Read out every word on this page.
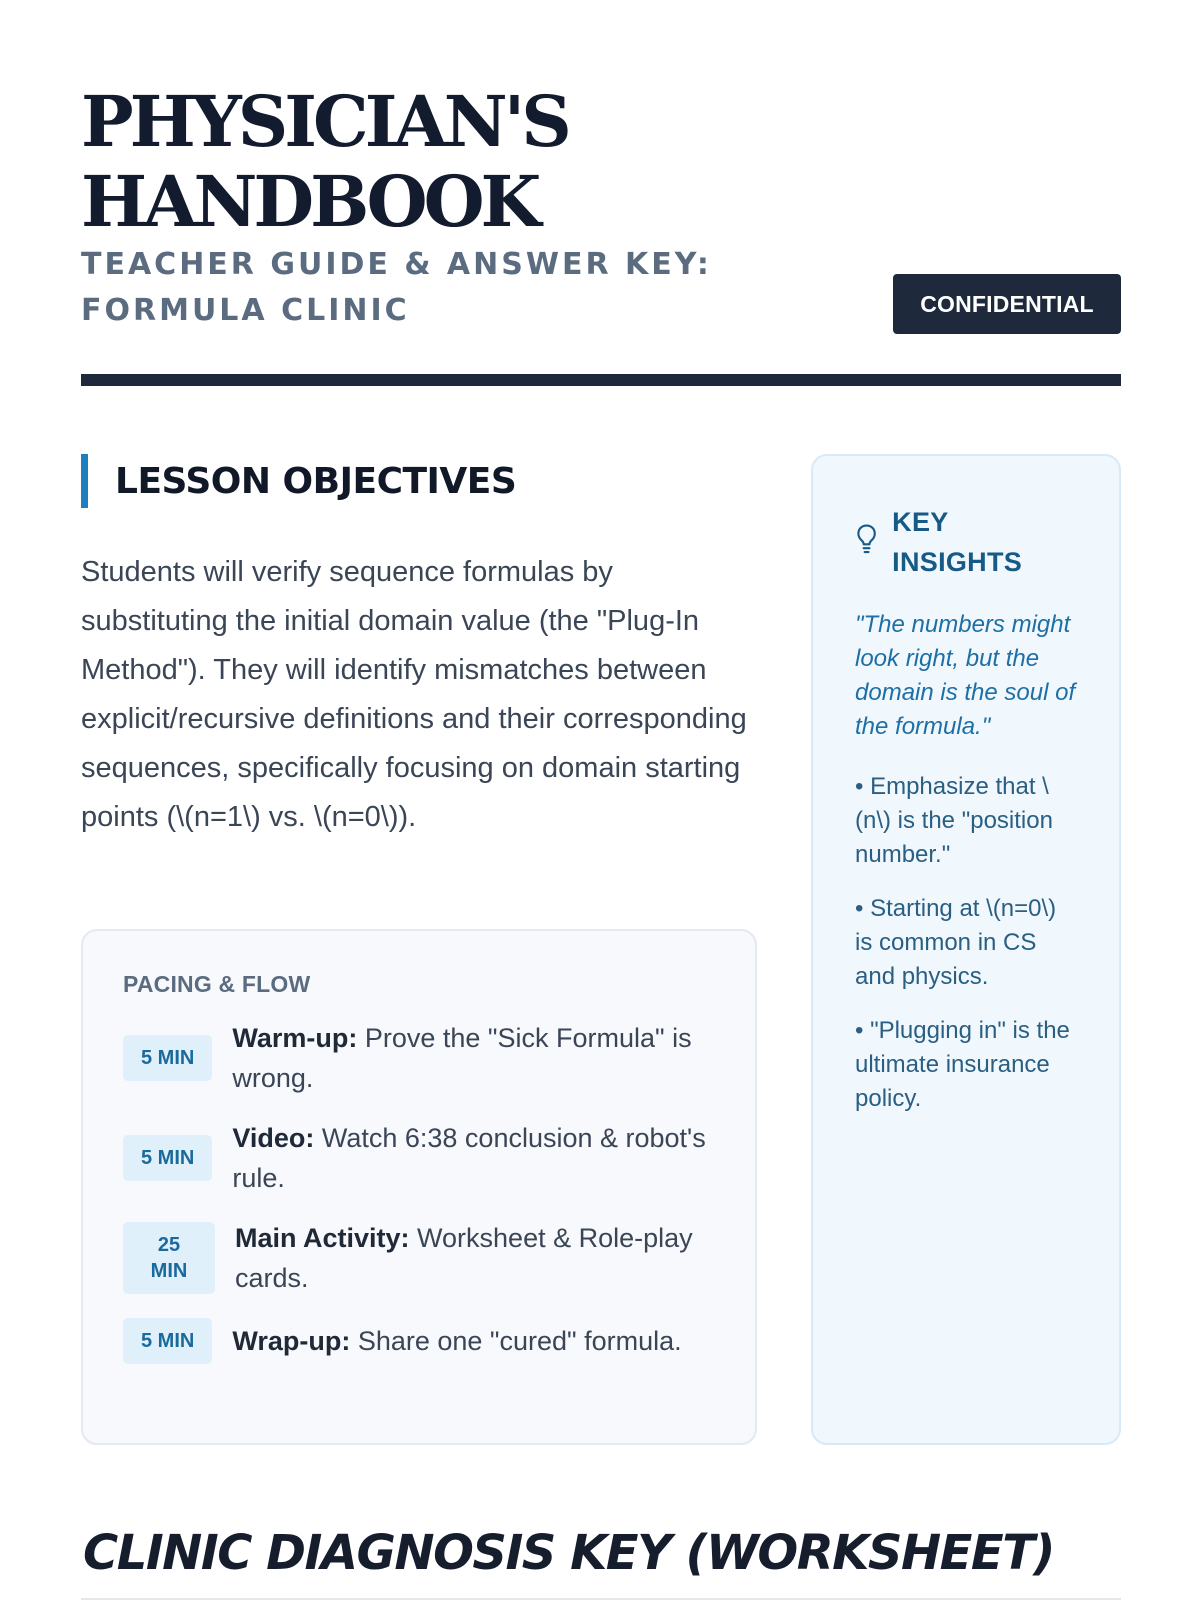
PHYSICIAN'S
HANDBOOK

TEACHER GUIDE & ANSWER KEY: FORMULA CLINIC	CONFIDENTIAL
LESSON OBJECTIVES

Students will verify sequence formulas by substituting the initial domain value (the "Plug-In Method"). They will identify mismatches between explicit/recursive definitions and their corresponding sequences, specifically focusing on domain starting points (\(n=1\) vs. \(n=0\)).

PACING & FLOW
5 MIN
Warm-up: Prove the "Sick Formula" is wrong.
5 MIN
Video: Watch 6:38 conclusion & robot's rule.
25 MIN
Main Activity: Worksheet & Role-play cards.
5 MIN	Wrap-up: Share one "cured" formula.
KEY INSIGHTS

"The numbers might look right, but the domain is the soul of the formula."

• Emphasize that \(n\) is the "position number."
• Starting at \(n=0\) is common in CS and physics.
• "Plugging in" is the ultimate insurance policy.
CLINIC DIAGNOSIS KEY (WORKSHEET)
